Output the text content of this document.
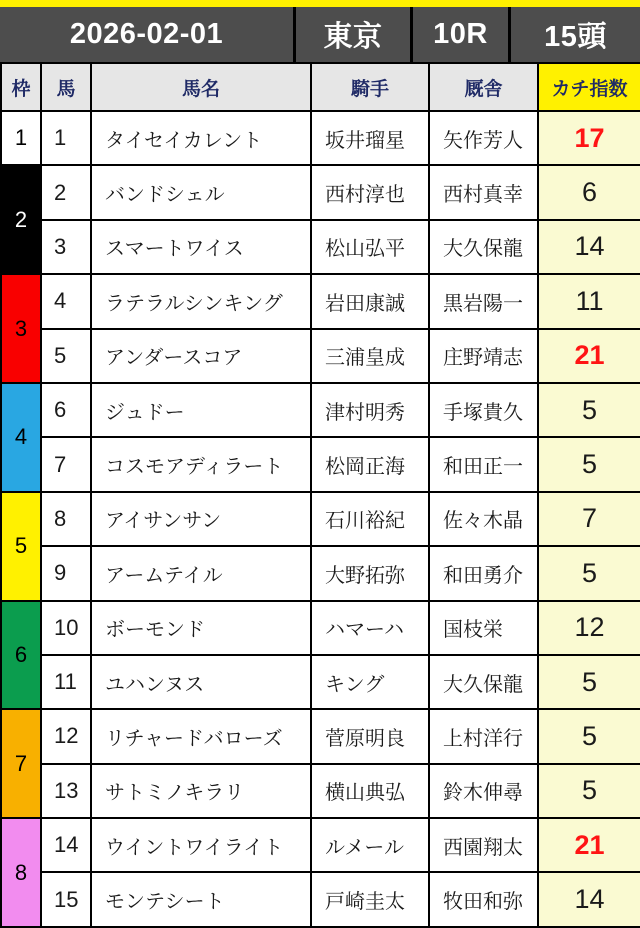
2026-02-01	東京	10R	15頭
枠	馬	馬名	騎手	厩舎	カチ指数
1	1	タイセイカレント	坂井瑠星	矢作芳人	17
2	2	バンドシェル	西村淳也	西村真幸	6
	3	スマートワイス	松山弘平	大久保龍	14
3	4	ラテラルシンキング	岩田康誠	黒岩陽一	11
	5	アンダースコア	三浦皇成	庄野靖志	21
4	6	ジュドー	津村明秀	手塚貴久	5
	7	コスモアディラート	松岡正海	和田正一	5
5	8	アイサンサン	石川裕紀	佐々木晶	7
	9	アームテイル	大野拓弥	和田勇介	5
6	10	ボーモンド	ハマーハ	国枝栄	12
	11	ユハンヌス	キング	大久保龍	5
7	12	リチャードバローズ	菅原明良	上村洋行	5
	13	サトミノキラリ	横山典弘	鈴木伸尋	5
8	14	ウイントワイライト	ルメール	西園翔太	21
	15	モンテシート	戸崎圭太	牧田和弥	14
